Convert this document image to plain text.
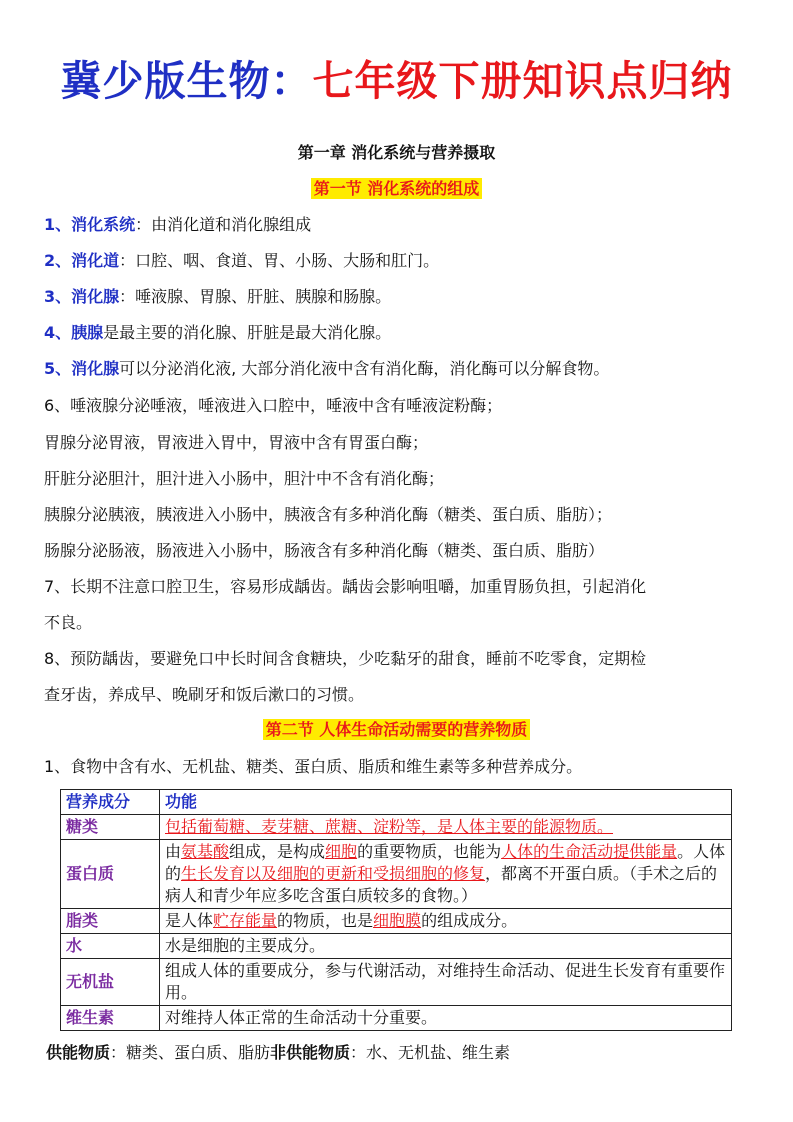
冀少版生物：七年级下册知识点归纳
第一章 消化系统与营养摄取
第一节 消化系统的组成
1、消化系统：由消化道和消化腺组成
2、消化道：口腔、咽、食道、胃、小肠、大肠和肛门。
3、消化腺：唾液腺、胃腺、肝脏、胰腺和肠腺。
4、胰腺是最主要的消化腺、肝脏是最大消化腺。
5、消化腺可以分泌消化液, 大部分消化液中含有消化酶，消化酶可以分解食物。
6、唾液腺分泌唾液，唾液进入口腔中，唾液中含有唾液淀粉酶；
胃腺分泌胃液，胃液进入胃中，胃液中含有胃蛋白酶；
肝脏分泌胆汁，胆汁进入小肠中，胆汁中不含有消化酶；
胰腺分泌胰液，胰液进入小肠中，胰液含有多种消化酶（糖类、蛋白质、脂肪）；
肠腺分泌肠液，肠液进入小肠中，肠液含有多种消化酶（糖类、蛋白质、脂肪）
7、长期不注意口腔卫生，容易形成龋齿。龋齿会影响咀嚼，加重胃肠负担，引起消化
不良。
8、预防龋齿，要避免口中长时间含食糖块，少吃黏牙的甜食，睡前不吃零食，定期检
查牙齿，养成早、晚刷牙和饭后漱口的习惯。
第二节 人体生命活动需要的营养物质
1、食物中含有水、无机盐、糖类、蛋白质、脂质和维生素等多种营养成分。
营养成分	功能
糖类	包括葡萄糖、麦芽糖、蔗糖、淀粉等，是人体主要的能源物质。
蛋白质	由氨基酸组成，是构成细胞的重要物质，也能为人体的生命活动提供能量。人体的生长发育以及细胞的更新和受损细胞的修复，都离不开蛋白质。（手术之后的病人和青少年应多吃含蛋白质较多的食物。）
脂类	是人体贮存能量的物质，也是细胞膜的组成成分。
水	水是细胞的主要成分。
无机盐	组成人体的重要成分，参与代谢活动，对维持生命活动、促进生长发育有重要作用。
维生素	对维持人体正常的生命活动十分重要。
供能物质：糖类、蛋白质、脂肪非供能物质：水、无机盐、维生素
